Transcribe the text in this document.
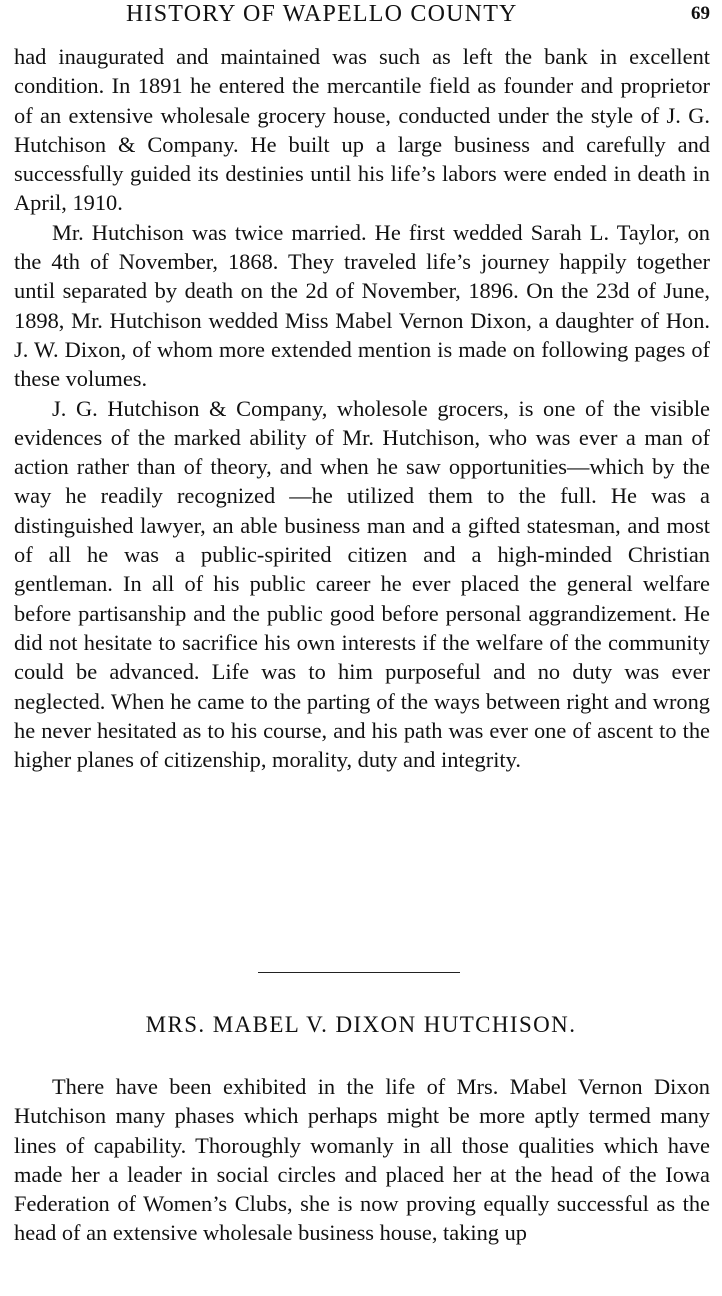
HISTORY OF WAPELLO COUNTY	69

had inaugurated and maintained was such as left the bank in excellent condition. In 1891 he entered the mercantile field as founder and proprietor of an extensive wholesale grocery house, conducted under the style of J. G. Hutchison & Company. He built up a large business and carefully and successfully guided its destinies until his life’s labors were ended in death in April, 1910.

Mr. Hutchison was twice married. He first wedded Sarah L. Taylor, on the 4th of November, 1868. They traveled life’s journey happily together until separated by death on the 2d of November, 1896. On the 23d of June, 1898, Mr. Hutchison wedded Miss Mabel Vernon Dixon, a daughter of Hon. J. W. Dixon, of whom more extended mention is made on following pages of these volumes.

J. G. Hutchison & Company, wholesole grocers, is one of the visible evidences of the marked ability of Mr. Hutchison, who was ever a man of action rather than of theory, and when he saw opportunities—which by the way he readily recognized —he utilized them to the full. He was a distinguished lawyer, an able business man and a gifted statesman, and most of all he was a public-spirited citizen and a high-minded Christian gentleman. In all of his public career he ever placed the general welfare before partisanship and the public good before personal aggrandizement. He did not hesitate to sacrifice his own interests if the welfare of the community could be advanced. Life was to him purposeful and no duty was ever neglected. When he came to the parting of the ways between right and wrong he never hesitated as to his course, and his path was ever one of ascent to the higher planes of citizenship, morality, duty and integrity.

MRS. MABEL V. DIXON HUTCHISON.

There have been exhibited in the life of Mrs. Mabel Vernon Dixon Hutchison many phases which perhaps might be more aptly termed many lines of capability. Thoroughly womanly in all those qualities which have made her a leader in social circles and placed her at the head of the Iowa Federation of Women’s Clubs, she is now proving equally successful as the head of an extensive wholesale business house, taking up
